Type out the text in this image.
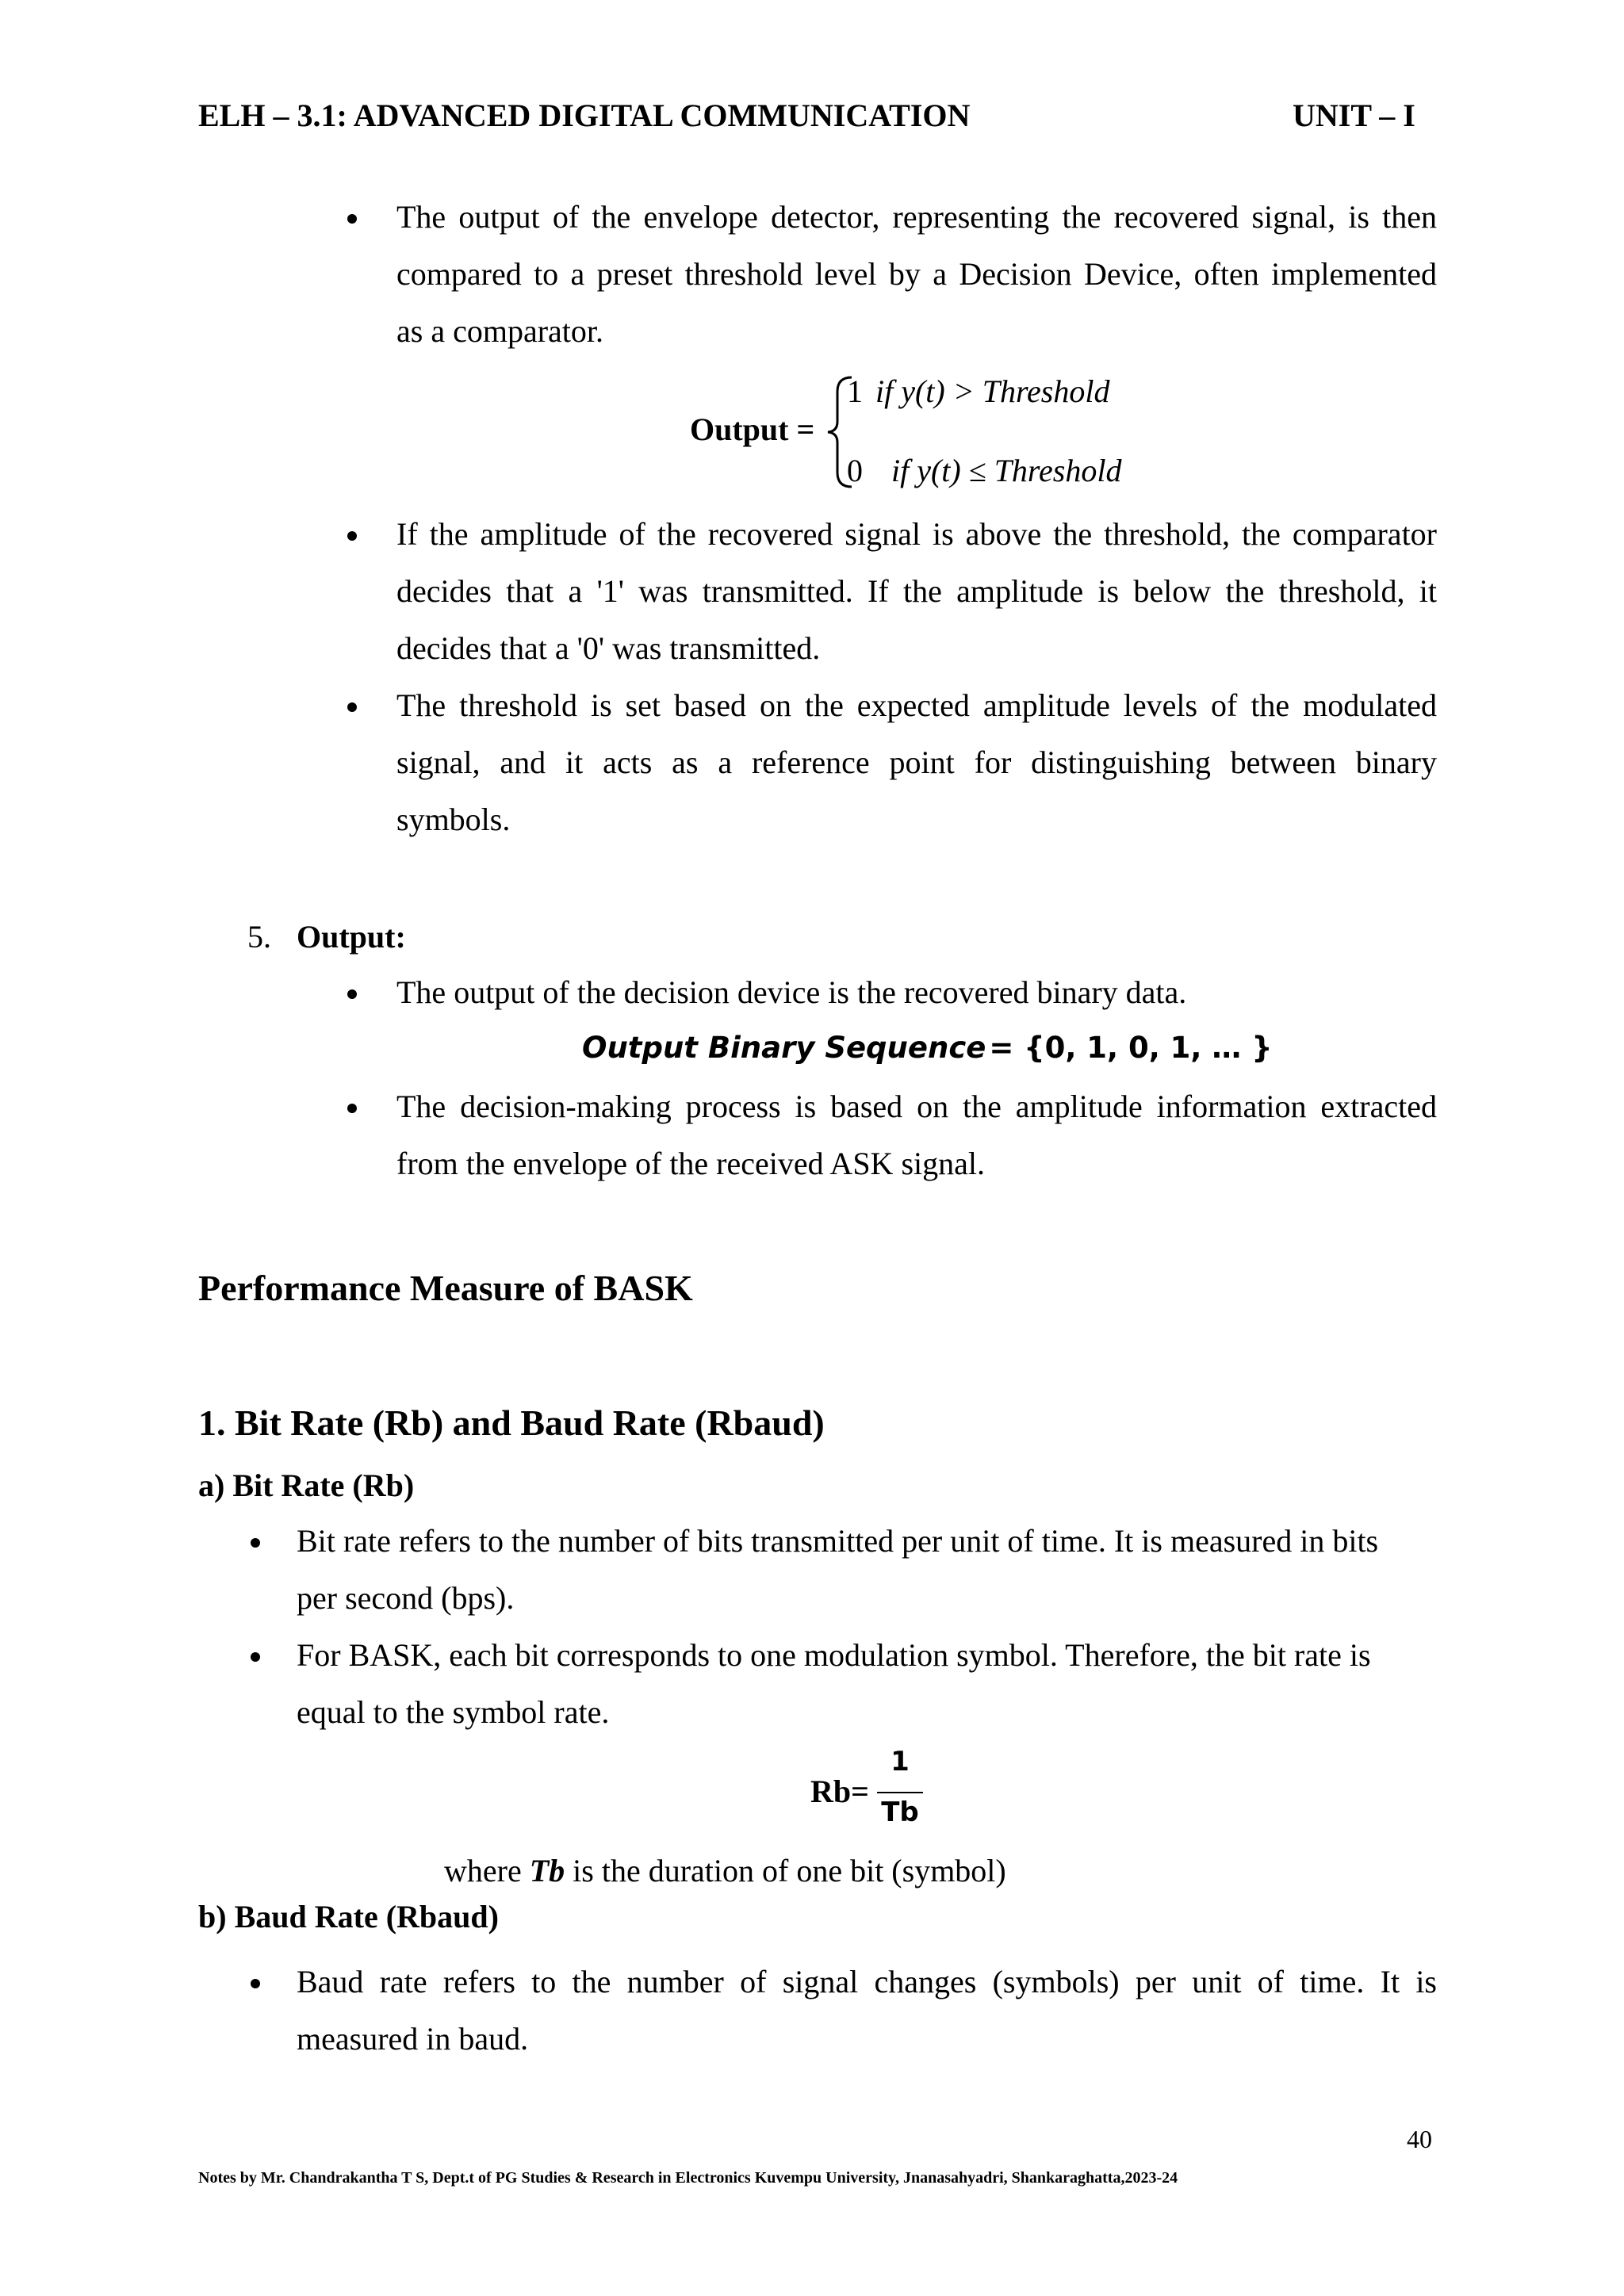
ELH – 3.1: ADVANCED DIGITAL COMMUNICATION	UNIT – I
The output of the envelope detector, representing the recovered signal, is then
compared to a preset threshold level by a Decision Device, often implemented
as a comparator.
Output =
1 if y(t) > Threshold
0 if y(t) ≤ Threshold
If the amplitude of the recovered signal is above the threshold, the comparator
decides that a '1' was transmitted. If the amplitude is below the threshold, it
decides that a '0' was transmitted.
The threshold is set based on the expected amplitude levels of the modulated
signal, and it acts as a reference point for distinguishing between binary
symbols.
5. Output:
The output of the decision device is the recovered binary data.
Output Binary Sequence = {0, 1, 0, 1, … }
The decision-making process is based on the amplitude information extracted
from the envelope of the received ASK signal.
Performance Measure of BASK
1. Bit Rate (Rb) and Baud Rate (Rbaud)
a) Bit Rate (Rb)
Bit rate refers to the number of bits transmitted per unit of time. It is measured in bits
per second (bps).
For BASK, each bit corresponds to one modulation symbol. Therefore, the bit rate is
equal to the symbol rate.
Rb=
1
Tb
where Tb is the duration of one bit (symbol)
b) Baud Rate (Rbaud)
Baud rate refers to the number of signal changes (symbols) per unit of time. It is
measured in baud.
40
Notes by Mr. Chandrakantha T S, Dept.t of PG Studies & Research in Electronics Kuvempu University, Jnanasahyadri, Shankaraghatta,2023-24
